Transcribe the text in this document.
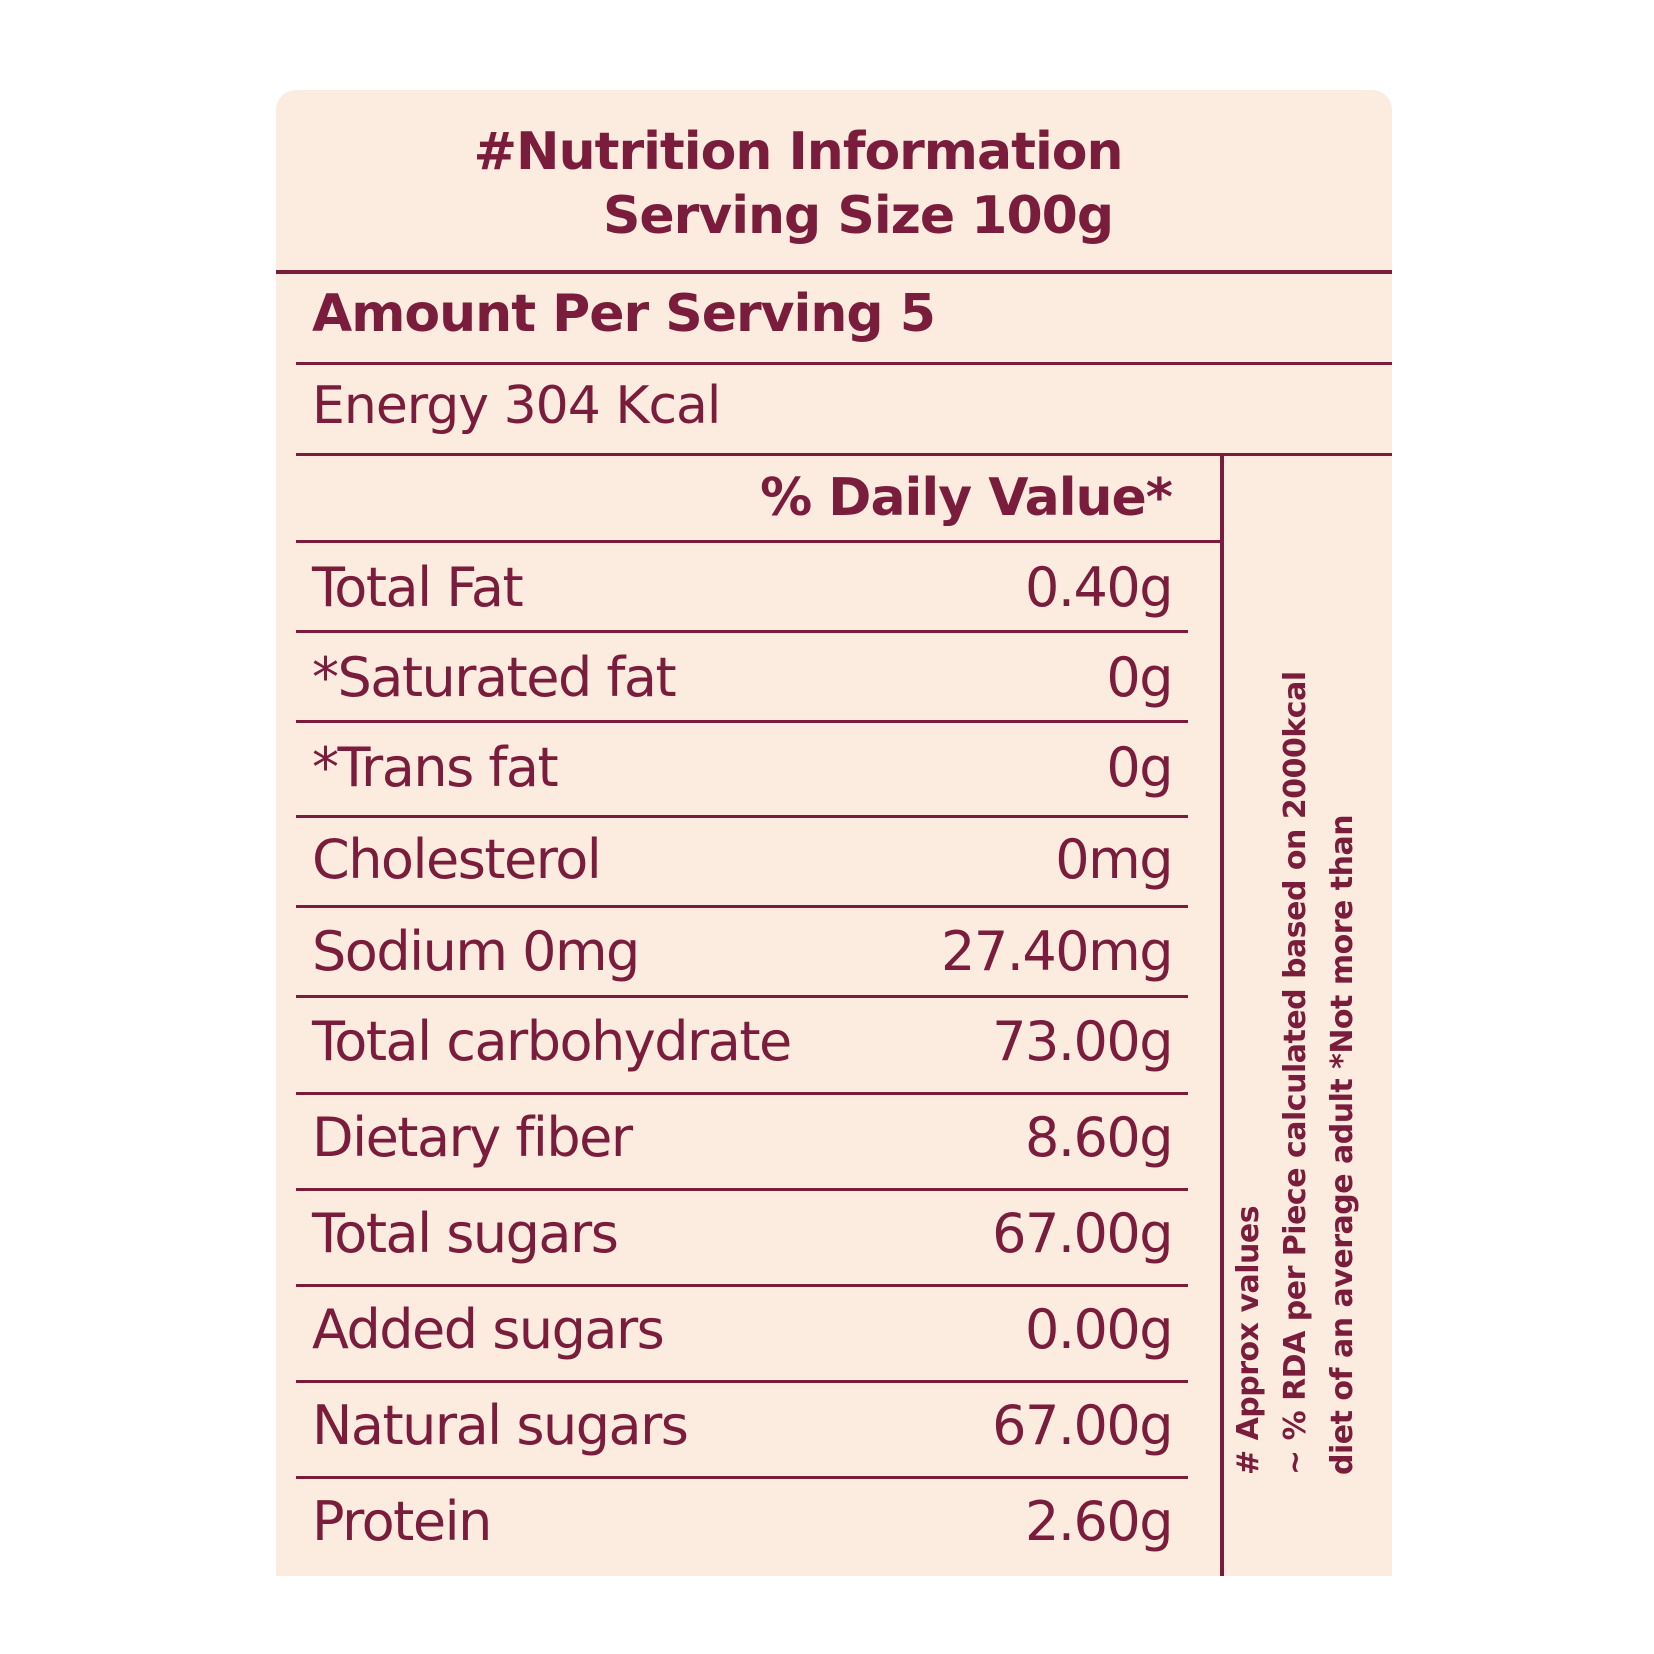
#Nutrition Information
Serving Size 100g
Amount Per Serving 5
Energy 304 Kcal
% Daily Value*
Total Fat	0.40g
*Saturated fat	0g
*Trans fat	0g
Cholesterol	0mg
Sodium 0mg	27.40mg
Total carbohydrate	73.00g
Dietary fiber	8.60g
Total sugars	67.00g
Added sugars	0.00g
Natural sugars	67.00g
Protein	2.60g
# Approx values ~ % RDA per Piece calculated based on 2000kcal diet of an average adult *Not more than
